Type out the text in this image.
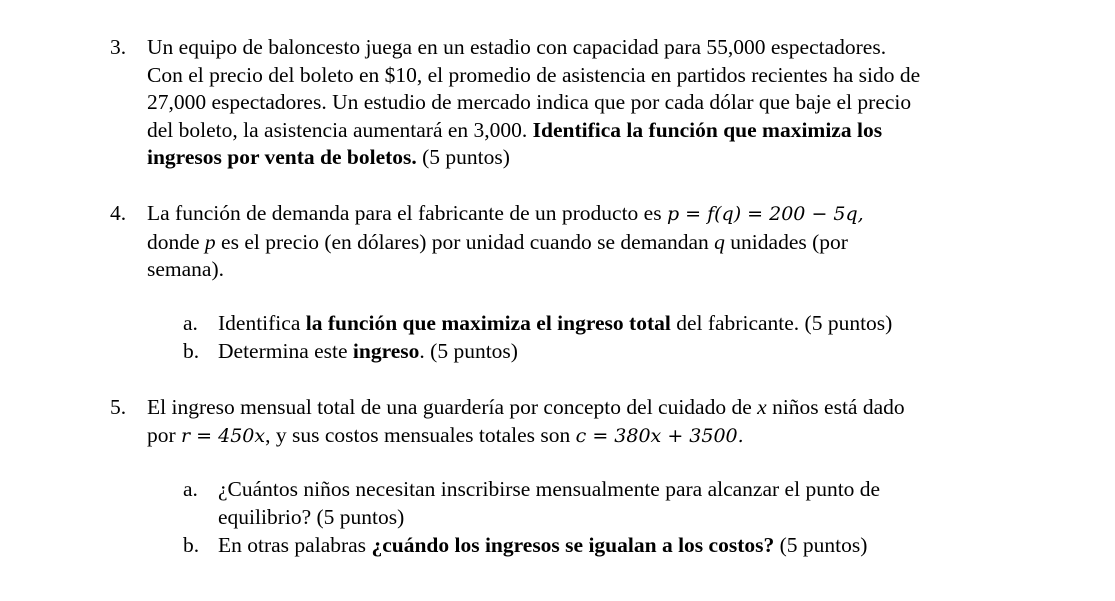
3. Un equipo de baloncesto juega en un estadio con capacidad para 55,000 espectadores.
Con el precio del boleto en $10, el promedio de asistencia en partidos recientes ha sido de
27,000 espectadores. Un estudio de mercado indica que por cada dólar que baje el precio
del boleto, la asistencia aumentará en 3,000. Identifica la función que maximiza los
ingresos por venta de boletos. (5 puntos)
4. La función de demanda para el fabricante de un producto es p = f(q) = 200 − 5q,
donde p es el precio (en dólares) por unidad cuando se demandan q unidades (por
semana).
a. Identifica la función que maximiza el ingreso total del fabricante. (5 puntos)
b. Determina este ingreso. (5 puntos)
5. El ingreso mensual total de una guardería por concepto del cuidado de x niños está dado
por r = 450x, y sus costos mensuales totales son c = 380x + 3500.
a. ¿Cuántos niños necesitan inscribirse mensualmente para alcanzar el punto de
equilibrio? (5 puntos)
b. En otras palabras ¿cuándo los ingresos se igualan a los costos? (5 puntos)
